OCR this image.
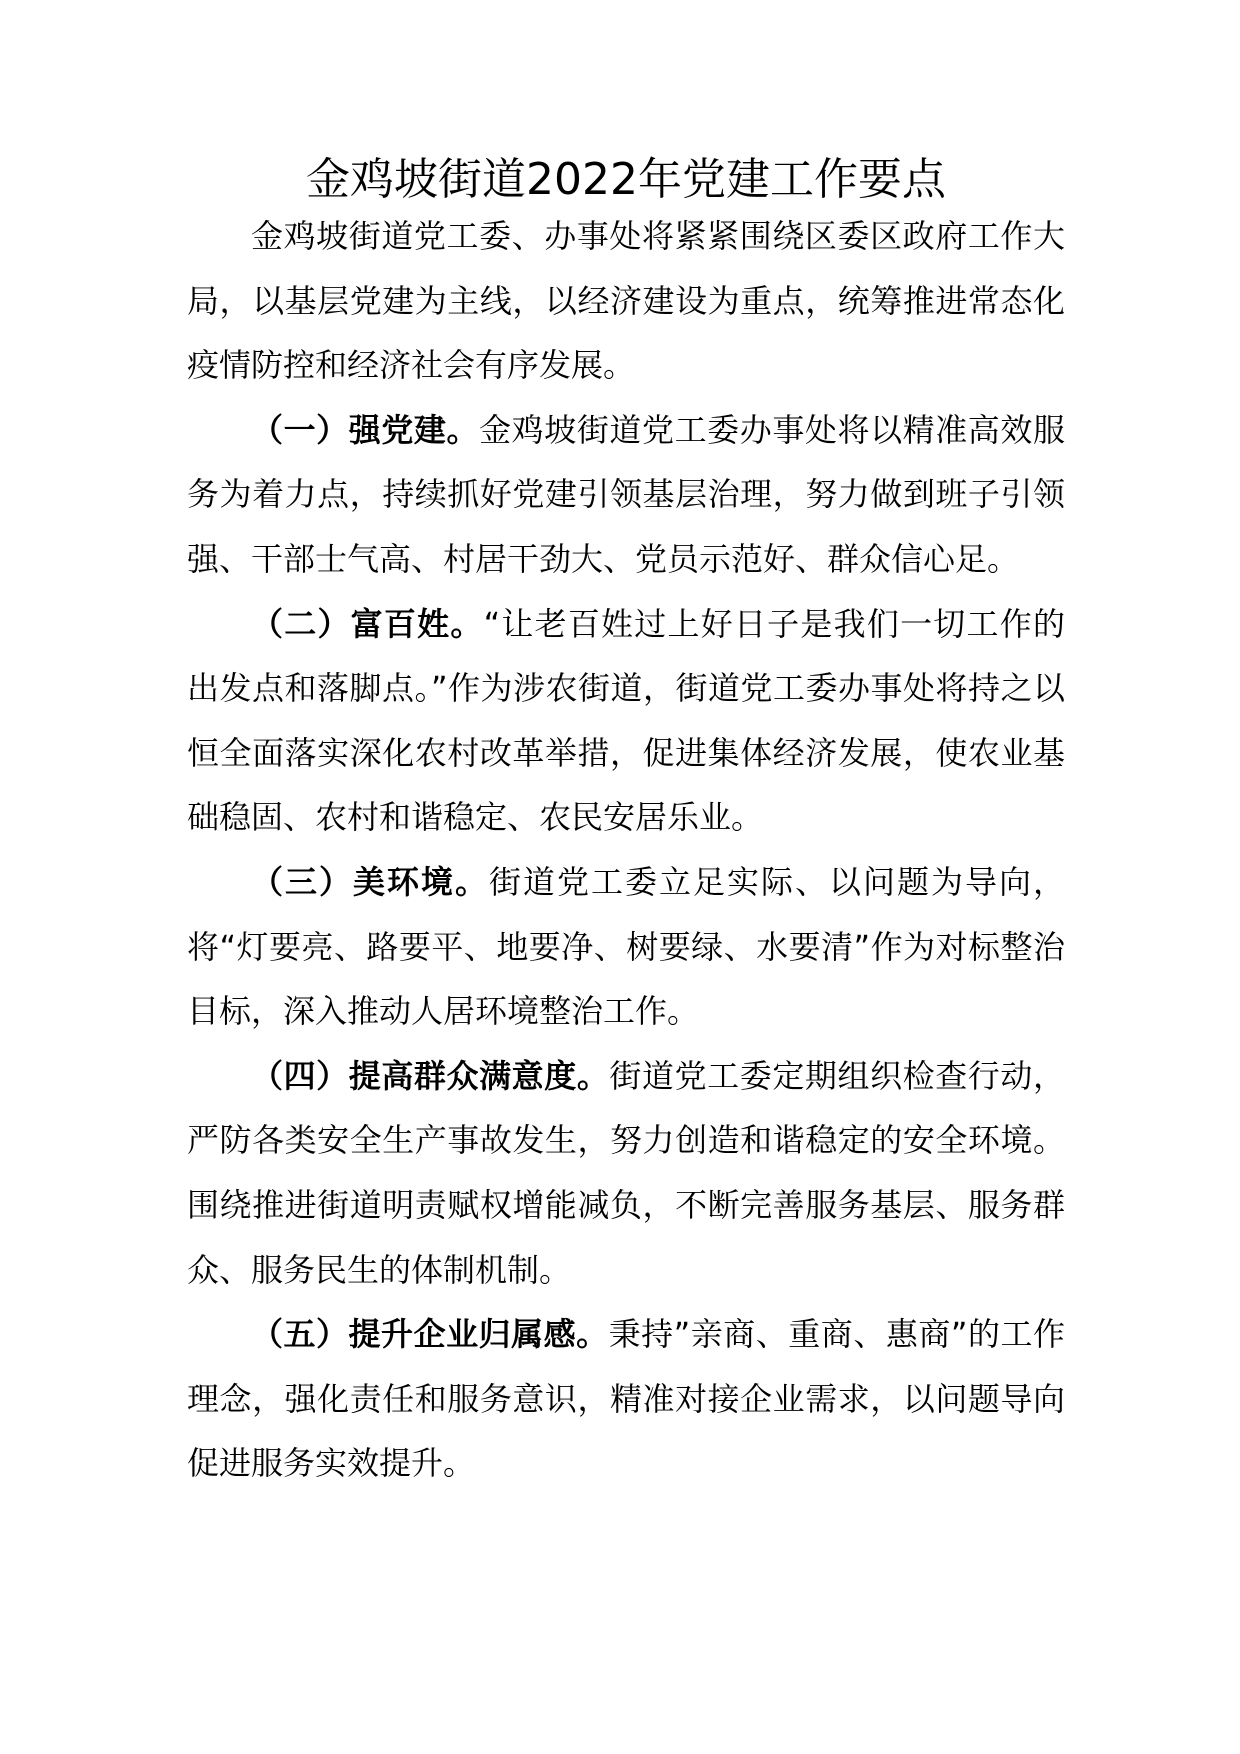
金鸡坡街道2022年党建工作要点

金鸡坡街道党工委、办事处将紧紧围绕区委区政府工作大局，以基层党建为主线，以经济建设为重点，统筹推进常态化疫情防控和经济社会有序发展。

（一）强党建。金鸡坡街道党工委办事处将以精准高效服务为着力点，持续抓好党建引领基层治理，努力做到班子引领强、干部士气高、村居干劲大、党员示范好、群众信心足。

（二）富百姓。“让老百姓过上好日子是我们一切工作的出发点和落脚点。”作为涉农街道，街道党工委办事处将持之以恒全面落实深化农村改革举措，促进集体经济发展，使农业基础稳固、农村和谐稳定、农民安居乐业。

（三）美环境。街道党工委立足实际、以问题为导向，将“灯要亮、路要平、地要净、树要绿、水要清”作为对标整治目标，深入推动人居环境整治工作。

（四）提高群众满意度。街道党工委定期组织检查行动，严防各类安全生产事故发生，努力创造和谐稳定的安全环境。围绕推进街道明责赋权增能减负，不断完善服务基层、服务群众、服务民生的体制机制。

（五）提升企业归属感。秉持”亲商、重商、惠商”的工作理念，强化责任和服务意识，精准对接企业需求，以问题导向促进服务实效提升。
